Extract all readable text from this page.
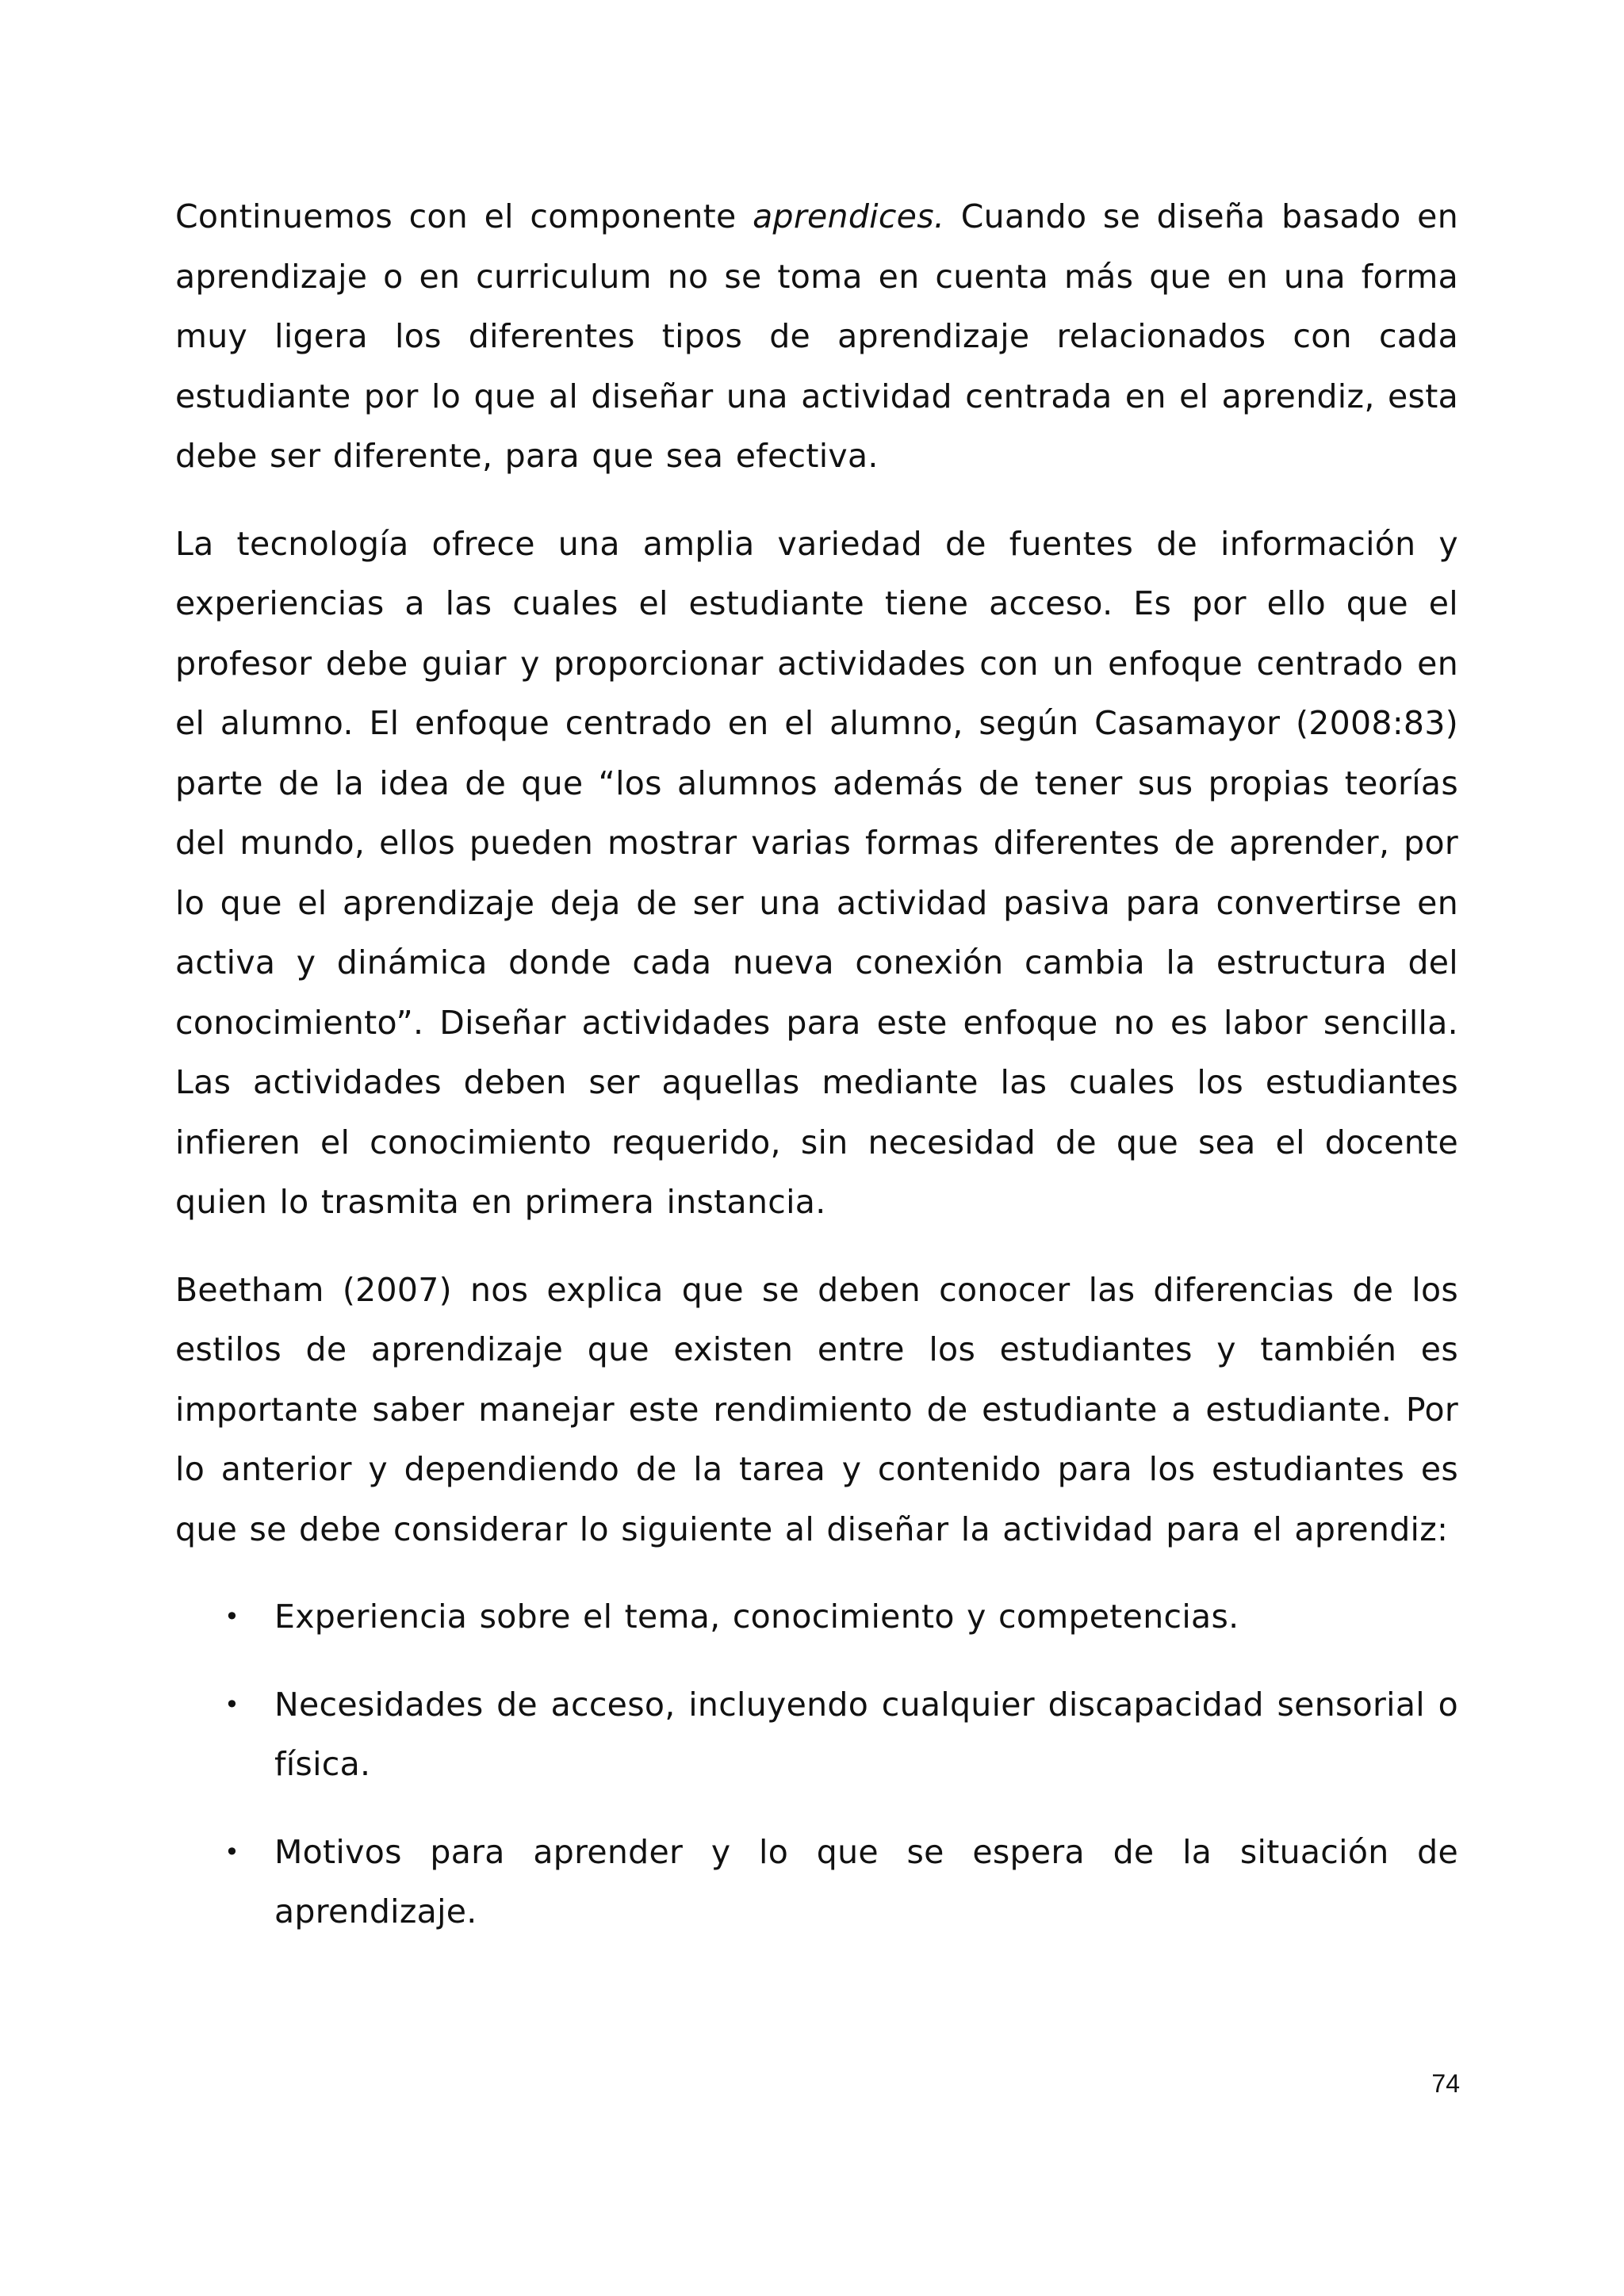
Continuemos con el componente aprendices. Cuando se diseña basado en aprendizaje o en curriculum no se toma en cuenta más que en una forma muy ligera los diferentes tipos de aprendizaje relacionados con cada estudiante por lo que al diseñar una actividad centrada en el aprendiz, esta debe ser diferente, para que sea efectiva.

La tecnología ofrece una amplia variedad de fuentes de información y experiencias a las cuales el estudiante tiene acceso. Es por ello que el profesor debe guiar y proporcionar actividades con un enfoque centrado en el alumno. El enfoque centrado en el alumno, según Casamayor (2008:83) parte de la idea de que “los alumnos además de tener sus propias teorías del mundo, ellos pueden mostrar varias formas diferentes de aprender, por lo que el aprendizaje deja de ser una actividad pasiva para convertirse en activa y dinámica donde cada nueva conexión cambia la estructura del conocimiento”. Diseñar actividades para este enfoque no es labor sencilla. Las actividades deben ser aquellas mediante las cuales los estudiantes infieren el conocimiento requerido, sin necesidad de que sea el docente quien lo trasmita en primera instancia.

Beetham (2007) nos explica que se deben conocer las diferencias de los estilos de aprendizaje que existen entre los estudiantes y también es importante saber manejar este rendimiento de estudiante a estudiante. Por lo anterior y dependiendo de la tarea y contenido para los estudiantes es que se debe considerar lo siguiente al diseñar la actividad para el aprendiz:

• Experiencia sobre el tema, conocimiento y competencias.
• Necesidades de acceso, incluyendo cualquier discapacidad sensorial o física.
• Motivos para aprender y lo que se espera de la situación de aprendizaje.
74
